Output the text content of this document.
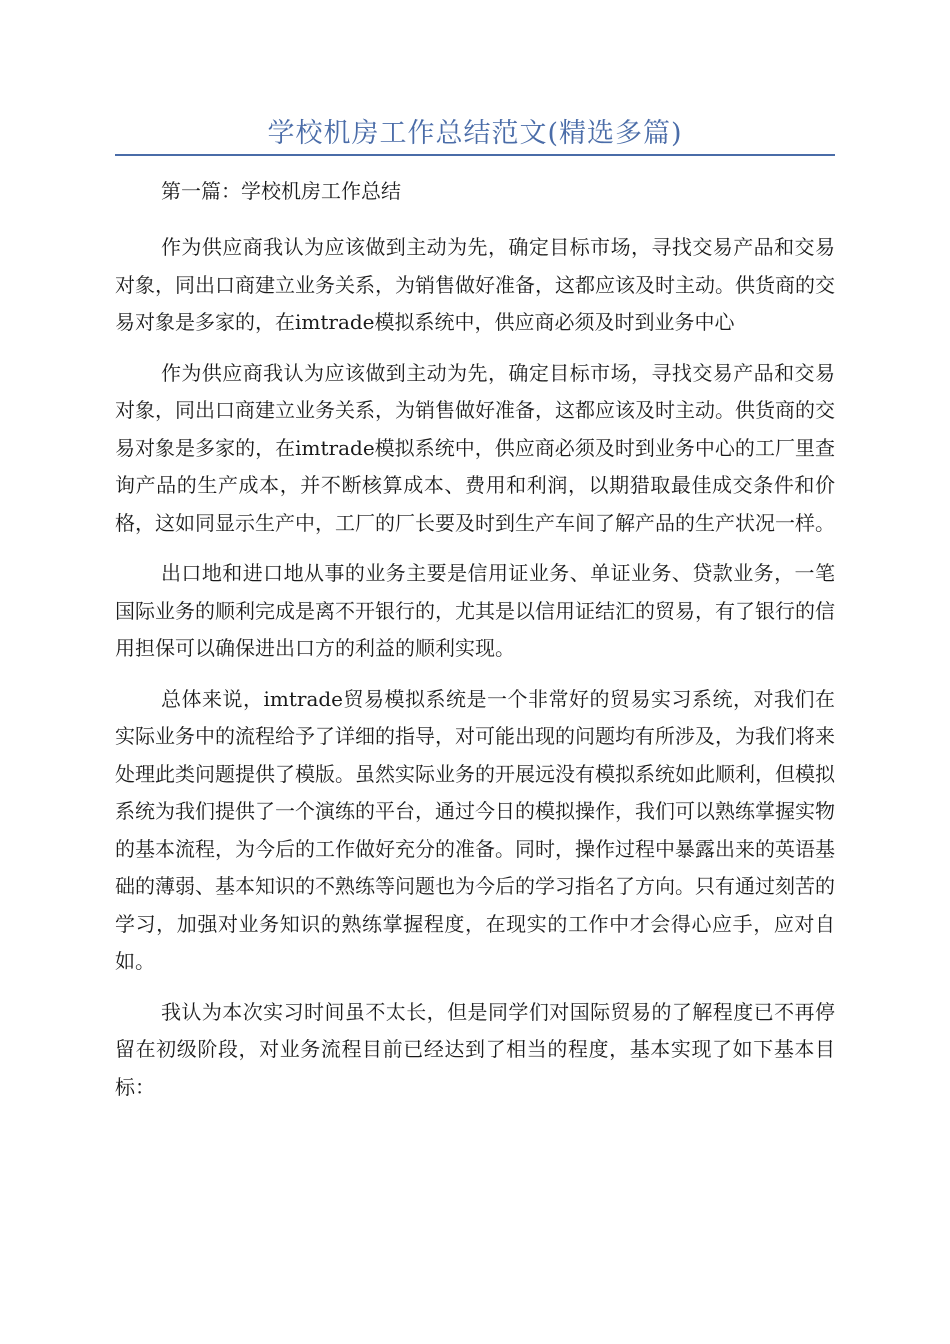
学校机房工作总结范文(精选多篇)

第一篇：学校机房工作总结

作为供应商我认为应该做到主动为先，确定目标市场，寻找交易产品和交易对象，同出口商建立业务关系，为销售做好准备，这都应该及时主动。供货商的交易对象是多家的，在imtrade模拟系统中，供应商必须及时到业务中心

作为供应商我认为应该做到主动为先，确定目标市场，寻找交易产品和交易对象，同出口商建立业务关系，为销售做好准备，这都应该及时主动。供货商的交易对象是多家的，在imtrade模拟系统中，供应商必须及时到业务中心的工厂里查询产品的生产成本，并不断核算成本、费用和利润，以期猎取最佳成交条件和价格，这如同显示生产中，工厂的厂长要及时到生产车间了解产品的生产状况一样。

出口地和进口地从事的业务主要是信用证业务、单证业务、贷款业务，一笔国际业务的顺利完成是离不开银行的，尤其是以信用证结汇的贸易，有了银行的信用担保可以确保进出口方的利益的顺利实现。

总体来说，imtrade贸易模拟系统是一个非常好的贸易实习系统，对我们在实际业务中的流程给予了详细的指导，对可能出现的问题均有所涉及，为我们将来处理此类问题提供了模版。虽然实际业务的开展远没有模拟系统如此顺利，但模拟系统为我们提供了一个演练的平台，通过今日的模拟操作，我们可以熟练掌握实物的基本流程，为今后的工作做好充分的准备。同时，操作过程中暴露出来的英语基础的薄弱、基本知识的不熟练等问题也为今后的学习指名了方向。只有通过刻苦的学习，加强对业务知识的熟练掌握程度，在现实的工作中才会得心应手，应对自如。

我认为本次实习时间虽不太长，但是同学们对国际贸易的了解程度已不再停留在初级阶段，对业务流程目前已经达到了相当的程度，基本实现了如下基本目标：
